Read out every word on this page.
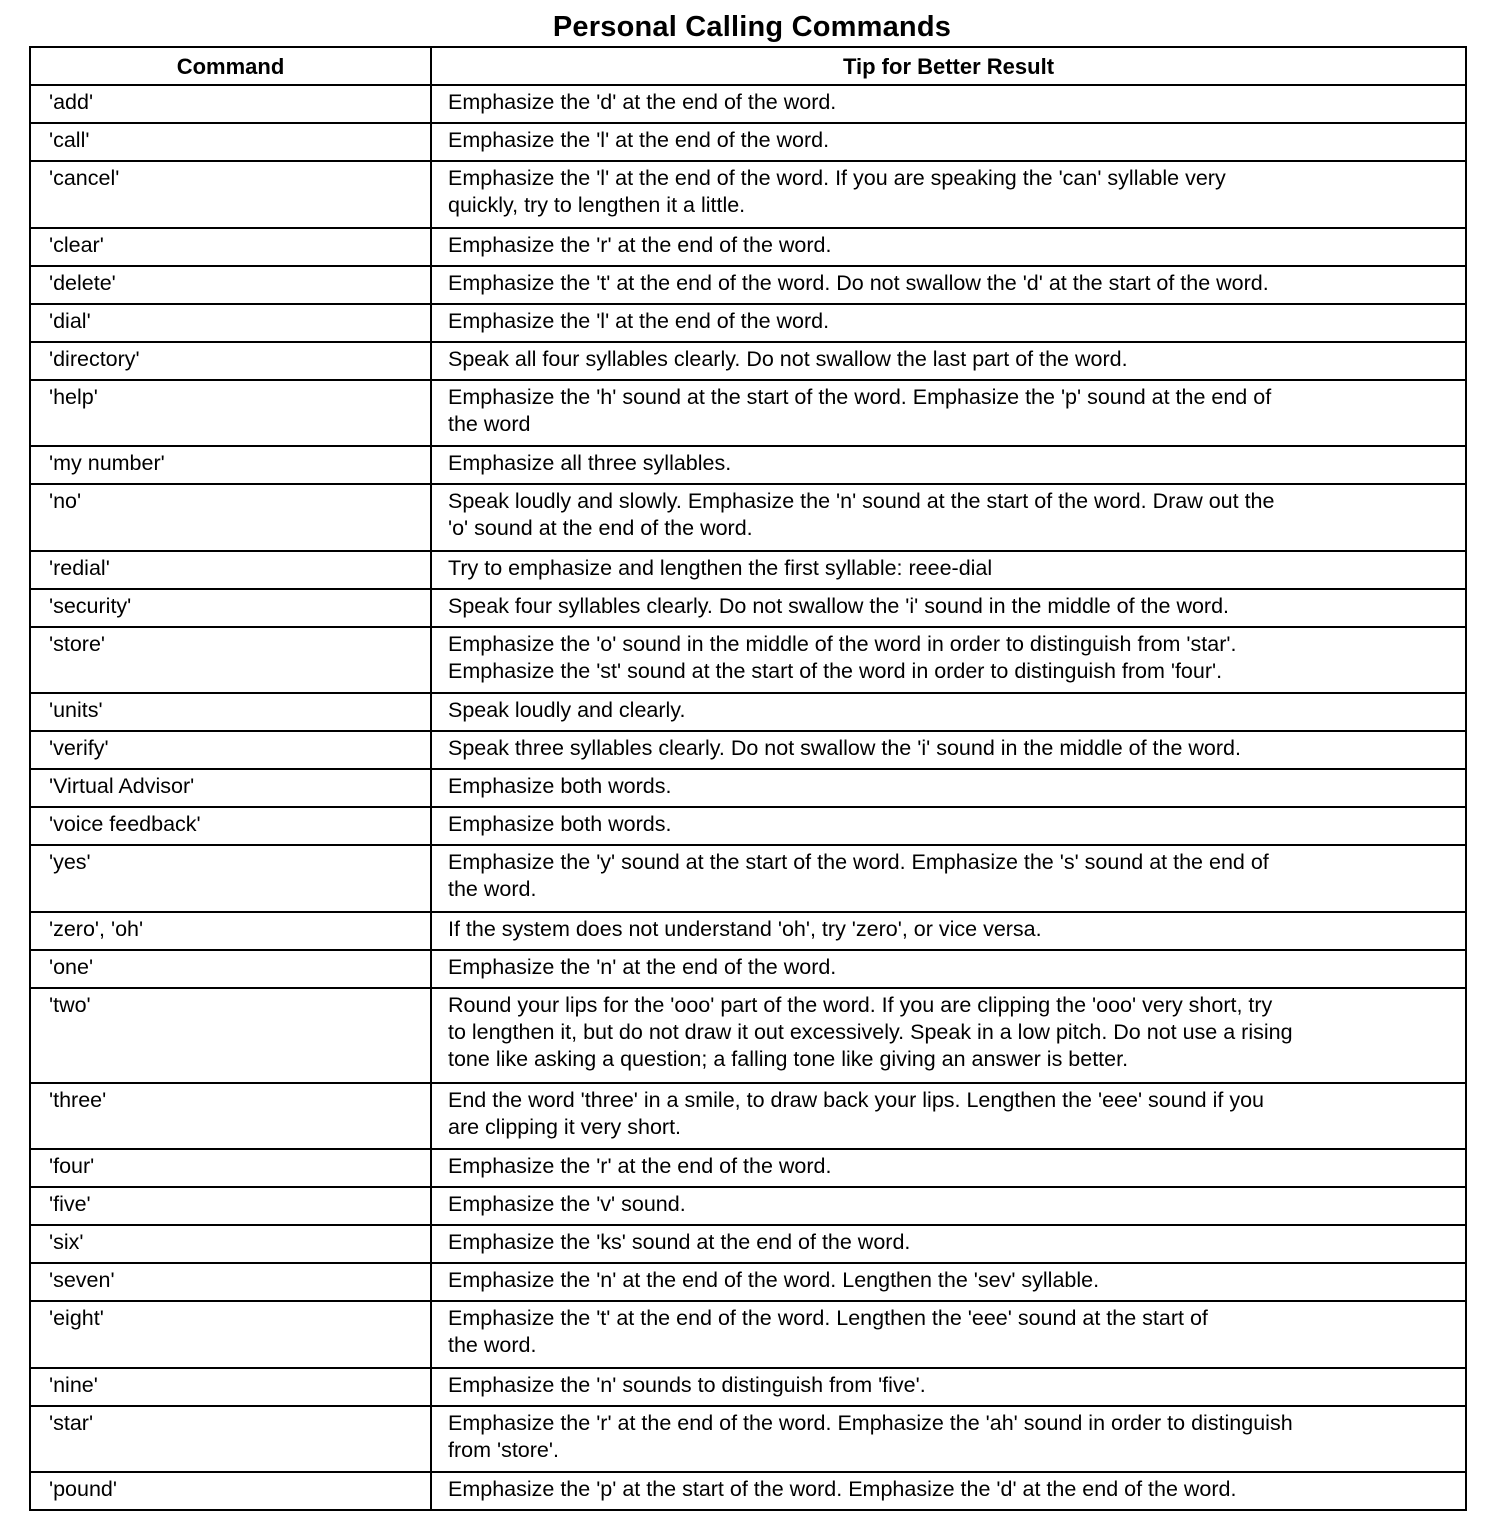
Personal Calling Commands
Command	Tip for Better Result
'add'	Emphasize the 'd' at the end of the word.
'call'	Emphasize the 'l' at the end of the word.
'cancel'	Emphasize the 'l' at the end of the word. If you are speaking the 'can' syllable very
quickly, try to lengthen it a little.
'clear'	Emphasize the 'r' at the end of the word.
'delete'	Emphasize the 't' at the end of the word. Do not swallow the 'd' at the start of the word.
'dial'	Emphasize the 'l' at the end of the word.
'directory'	Speak all four syllables clearly. Do not swallow the last part of the word.
'help'	Emphasize the 'h' sound at the start of the word. Emphasize the 'p' sound at the end of
the word
'my number'	Emphasize all three syllables.
'no'	Speak loudly and slowly. Emphasize the 'n' sound at the start of the word. Draw out the
'o' sound at the end of the word.
'redial'	Try to emphasize and lengthen the first syllable: reee-dial
'security'	Speak four syllables clearly. Do not swallow the 'i' sound in the middle of the word.
'store'	Emphasize the 'o' sound in the middle of the word in order to distinguish from 'star'.
Emphasize the 'st' sound at the start of the word in order to distinguish from 'four'.
'units'	Speak loudly and clearly.
'verify'	Speak three syllables clearly. Do not swallow the 'i' sound in the middle of the word.
'Virtual Advisor'	Emphasize both words.
'voice feedback'	Emphasize both words.
'yes'	Emphasize the 'y' sound at the start of the word. Emphasize the 's' sound at the end of
the word.
'zero', 'oh'	If the system does not understand 'oh', try 'zero', or vice versa.
'one'	Emphasize the 'n' at the end of the word.
'two'	Round your lips for the 'ooo' part of the word. If you are clipping the 'ooo' very short, try
to lengthen it, but do not draw it out excessively. Speak in a low pitch. Do not use a rising
tone like asking a question; a falling tone like giving an answer is better.
'three'	End the word 'three' in a smile, to draw back your lips. Lengthen the 'eee' sound if you
are clipping it very short.
'four'	Emphasize the 'r' at the end of the word.
'five'	Emphasize the 'v' sound.
'six'	Emphasize the 'ks' sound at the end of the word.
'seven'	Emphasize the 'n' at the end of the word. Lengthen the 'sev' syllable.
'eight'	Emphasize the 't' at the end of the word. Lengthen the 'eee' sound at the start of
the word.
'nine'	Emphasize the 'n' sounds to distinguish from 'five'.
'star'	Emphasize the 'r' at the end of the word. Emphasize the 'ah' sound in order to distinguish
from 'store'.
'pound'	Emphasize the 'p' at the start of the word. Emphasize the 'd' at the end of the word.
